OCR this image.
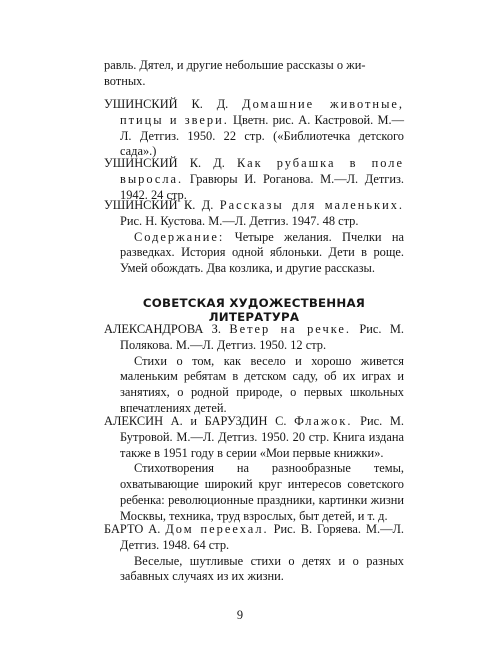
равль. Дятел, и другие небольшие рассказы о жи-

вотных.

УШИНСКИЙ К. Д. Домашние животные, птицы и звери. Цветн. рис. А. Кастровой. М.—Л. Детгиз. 1950. 22 стр. («Библиотечка детского сада».)

УШИНСКИЙ К. Д. Как рубашка в поле выросла. Гравюры И. Роганова. М.—Л. Детгиз. 1942. 24 стр.

УШИНСКИЙ К. Д. Рассказы для маленьких. Рис. Н. Кустова. М.—Л. Детгиз. 1947. 48 стр.

Содержание: Четыре желания. Пчелки на разведках. История одной яблоньки. Дети в роще. Умей обождать. Два козлика, и другие рассказы.

СОВЕТСКАЯ ХУДОЖЕСТВЕННАЯ ЛИТЕРАТУРА

АЛЕКСАНДРОВА З. Ветер на речке. Рис. М. Полякова. М.—Л. Детгиз. 1950. 12 стр.

Стихи о том, как весело и хорошо живется маленьким ребятам в детском саду, об их играх и занятиях, о родной природе, о первых школьных впечатлениях детей.

АЛЕКСИН А. и БАРУЗДИН С. Флажок. Рис. М. Бутровой. М.—Л. Детгиз. 1950. 20 стр. Книга издана также в 1951 году в серии «Мои первые книжки».

Стихотворения на разнообразные темы, охватывающие широкий круг интересов советского ребенка: революционные праздники, картинки жизни Москвы, техника, труд взрослых, быт детей, и т. д.

БАРТО А. Дом переехал. Рис. В. Горяева. М.—Л. Детгиз. 1948. 64 стр.

Веселые, шутливые стихи о детях и о разных забавных случаях из их жизни.

9
